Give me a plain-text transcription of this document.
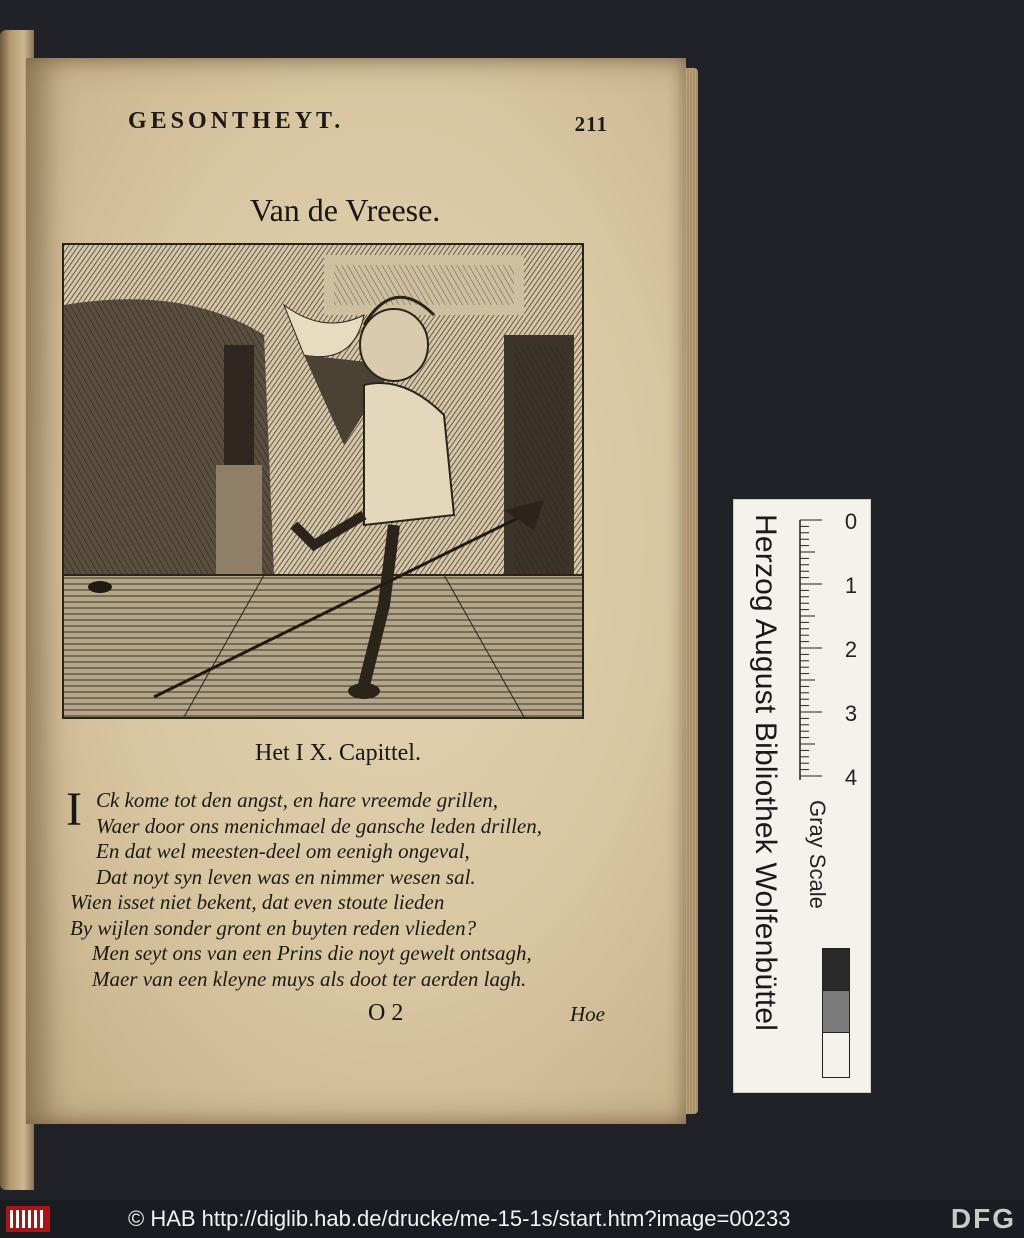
GESONTHEYT.	211
Van de Vreese.
Het I X. Capittel.
I Ck kome tot den angst, en hare vreemde grillen,
Waer door ons menichmael de gansche leden drillen,
En dat wel meesten-deel om eenigh ongeval,
Dat noyt syn leven was en nimmer wesen sal.
Wien isset niet bekent, dat even stoute lieden
By wijlen sonder gront en buyten reden vlieden?
Men seyt ons van een Prins die noyt gewelt ontsagh,
Maer van een kleyne muys als doot ter aerden lagh.
O 2	Hoe	Herzog August Bibliothek Wolfenbüttel	0
1
2
3
4
Gray Scale
© HAB http://diglib.hab.de/drucke/me-15-1s/start.htm?image=00233	DFG
